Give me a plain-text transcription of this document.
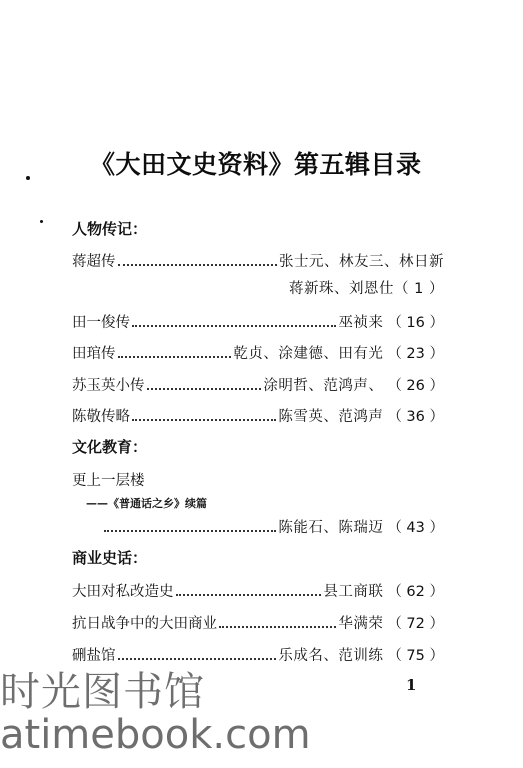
《大田文史资料》第五辑目录
人物传记：
蒋超传	张士元、林友三、林日新
蒋新珠、刘恩仕（ 1 ）
田一俊传	巫祯来 （ 16 ）
田琯传	乾贞、涂建德、田有光 （ 23 ）
苏玉英小传	涂明哲、范鸿声、 （ 26 ）
陈敬传略	陈雪英、范鸿声 （ 36 ）
文化教育：
更上一层楼
——《普通话之乡》续篇
陈能石、陈瑞迈 （ 43 ）
商业史话：
大田对私改造史	县工商联 （ 62 ）
抗日战争中的大田商业	华满荣 （ 72 ）
硎盐馆	乐成名、范训练 （ 75 ）
1
时光图书馆
atimebook.com
